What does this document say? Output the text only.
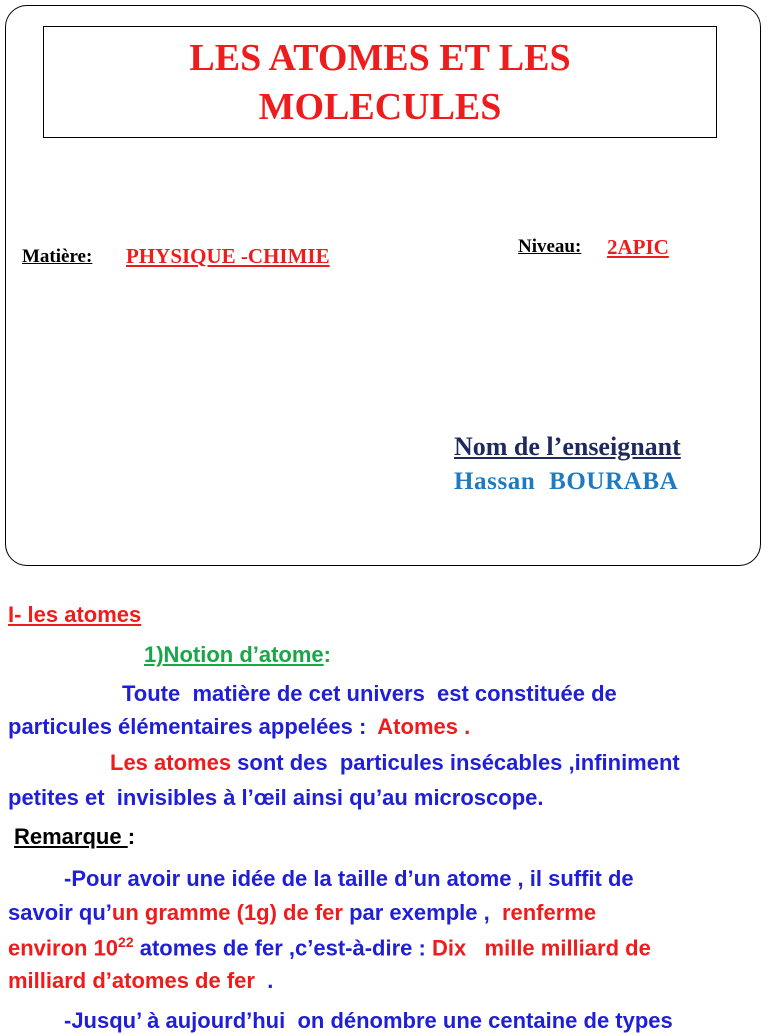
LES ATOMES ET LES
MOLECULES
Matière: PHYSIQUE -CHIMIE	Niveau: 2APIC
Nom de l’enseignant
Hassan  BOURABA
I- les atomes
1)Notion d’atome:
Toute  matière de cet univers  est constituée de
particules élémentaires appelées : Atomes .
Les atomes sont des  particules insécables ,infiniment
petites et  invisibles à l’œil ainsi qu’au microscope.
Remarque :
-Pour avoir une idée de la taille d’un atome , il suffit de
savoir qu’un gramme (1g) de fer par exemple ,  renferme
environ $10^{22}$ atomes de fer ,c’est-à-dire : Dix   mille milliard de
milliard d’atomes de fer  .
-Jusqu’ à aujourd’hui  on dénombre une centaine de types
